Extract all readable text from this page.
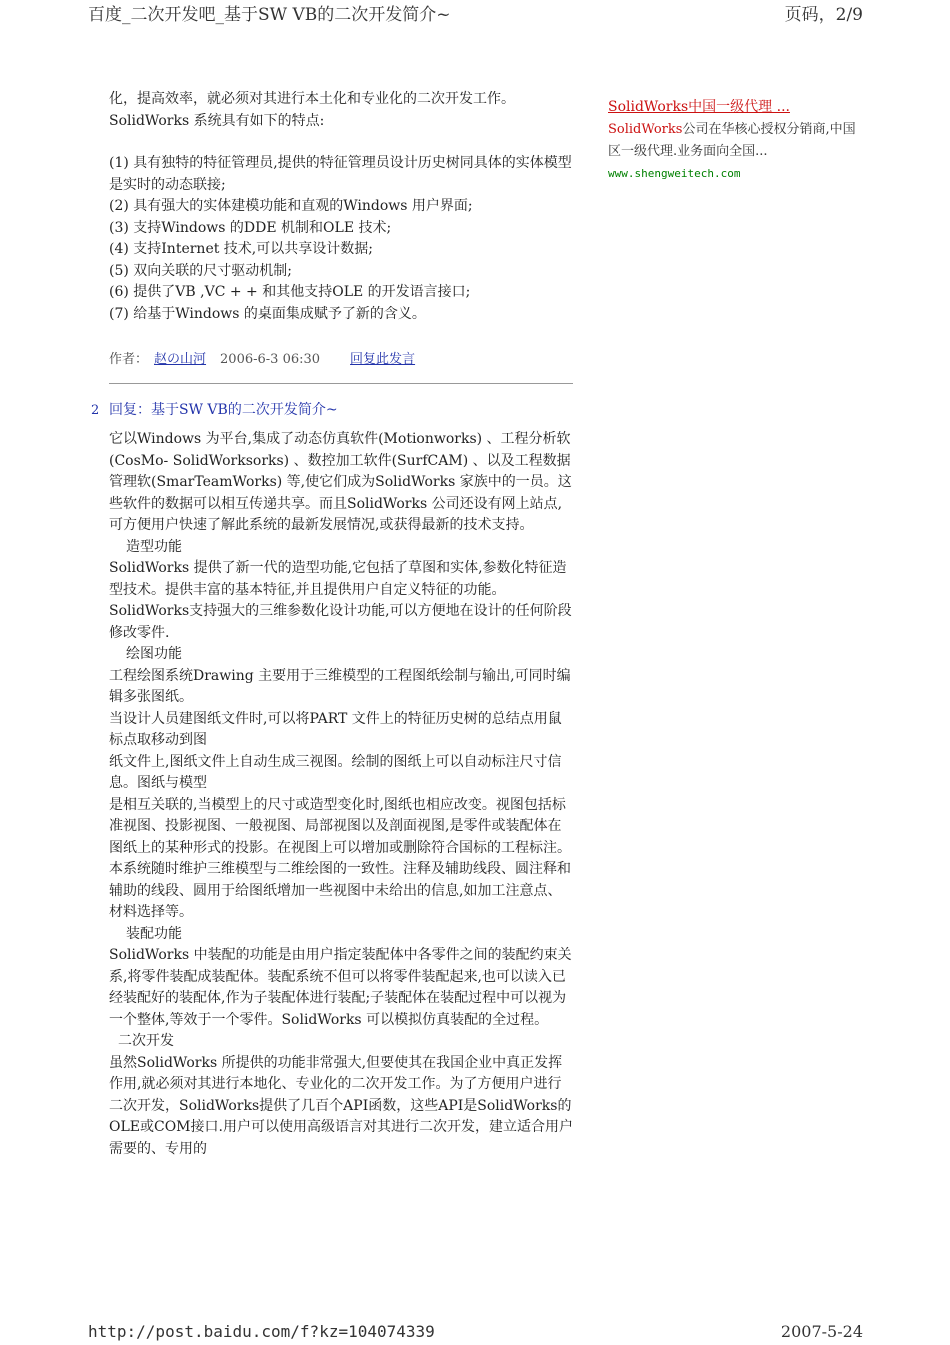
百度_二次开发吧_基于SW VB的二次开发简介~	页码，2/9

化，提高效率，就必须对其进行本土化和专业化的二次开发工作。

SolidWorks 系统具有如下的特点:

(1) 具有独特的特征管理员,提供的特征管理员设计历史树同具体的实体模型是实时的动态联接;

(2) 具有强大的实体建模功能和直观的Windows 用户界面;

(3) 支持Windows 的DDE 机制和OLE 技术;

(4) 支持Internet 技术,可以共享设计数据;

(5) 双向关联的尺寸驱动机制;

(6) 提供了VB ,VC + + 和其他支持OLE 的开发语言接口;

(7) 给基于Windows 的桌面集成赋予了新的含义。

作者： 赵の山河 2006-6-3 06:30 回复此发言
2 回复：基于SW VB的二次开发简介~

它以Windows 为平台,集成了动态仿真软件(Motionworks) 、工程分析软(CosMo- SolidWorksorks) 、数控加工软件(SurfCAM) 、以及工程数据管理软(SmarTeamWorks) 等,使它们成为SolidWorks 家族中的一员。这些软件的数据可以相互传递共享。而且SolidWorks 公司还设有网上站点,可方便用户快速了解此系统的最新发展情况,或获得最新的技术支持。

造型功能

SolidWorks 提供了新一代的造型功能,它包括了草图和实体,参数化特征造型技术。提供丰富的基本特征,并且提供用户自定义特征的功能。SolidWorks支持强大的三维参数化设计功能,可以方便地在设计的任何阶段修改零件.

绘图功能

工程绘图系统Drawing 主要用于三维模型的工程图纸绘制与输出,可同时编辑多张图纸。

当设计人员建图纸文件时,可以将PART 文件上的特征历史树的总结点用鼠标点取移动到图

纸文件上,图纸文件上自动生成三视图。绘制的图纸上可以自动标注尺寸信息。图纸与模型

是相互关联的,当模型上的尺寸或造型变化时,图纸也相应改变。视图包括标准视图、投影视图、一般视图、局部视图以及剖面视图,是零件或装配体在图纸上的某种形式的投影。在视图上可以增加或删除符合国标的工程标注。本系统随时维护三维模型与二维绘图的一致性。注释及辅助线段、圆注释和辅助的线段、圆用于给图纸增加一些视图中未给出的信息,如加工注意点、材料选择等。

装配功能

SolidWorks 中装配的功能是由用户指定装配体中各零件之间的装配约束关系,将零件装配成装配体。装配系统不但可以将零件装配起来,也可以读入已经装配好的装配体,作为子装配体进行装配;子装配体在装配过程中可以视为一个整体,等效于一个零件。SolidWorks 可以模拟仿真装配的全过程。

二次开发

虽然SolidWorks 所提供的功能非常强大,但要使其在我国企业中真正发挥作用,就必须对其进行本地化、专业化的二次开发工作。为了方便用户进行二次开发，SolidWorks提供了几百个API函数，这些API是SolidWorks的OLE或COM接口.用户可以使用高级语言对其进行二次开发，建立适合用户需要的、专用的

SolidWorks中国一级代理 ...
SolidWorks公司在华核心授权分销商,中国区一级代理.业务面向全国...
www.shengweitech.com
http://post.baidu.com/f?kz=104074339	2007-5-24
